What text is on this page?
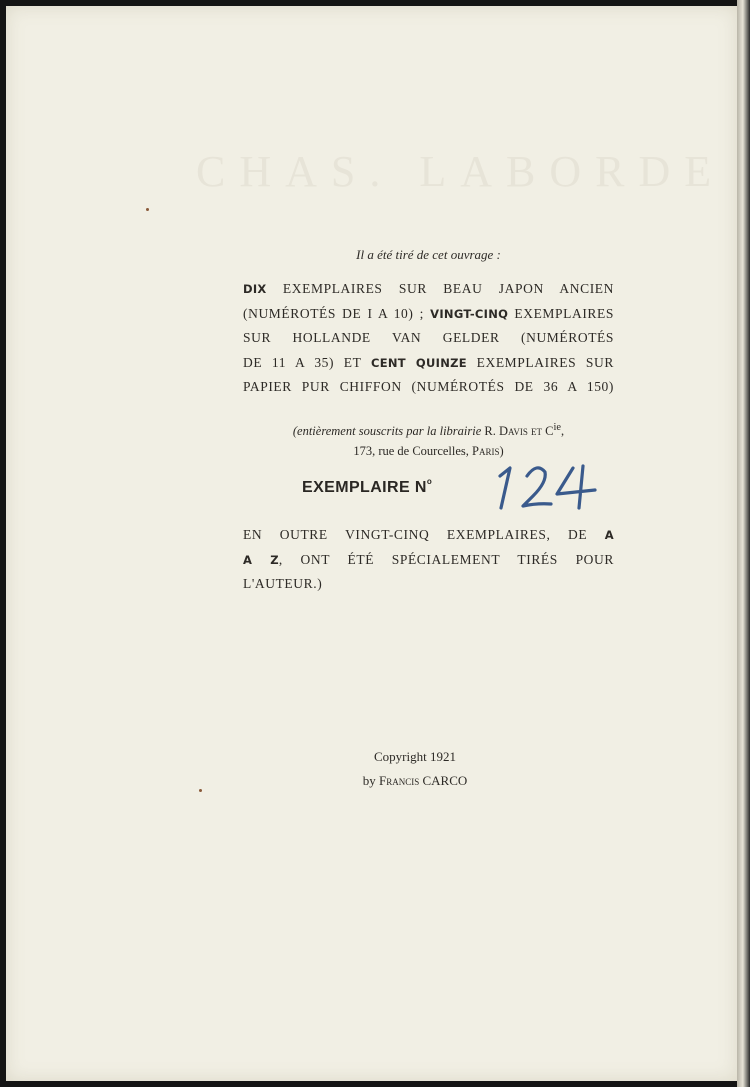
CHAS. LABORDE
Il a été tiré de cet ouvrage :
DIX EXEMPLAIRES SUR BEAU JAPON ANCIEN
(NUMÉROTÉS DE I A 10) ; VINGT-CINQ EXEMPLAIRES
SUR HOLLANDE VAN GELDER (NUMÉROTÉS
DE 11 A 35) ET CENT QUINZE EXEMPLAIRES SUR
PAPIER PUR CHIFFON (NUMÉROTÉS DE 36 A 150)
(entièrement souscrits par la librairie R. Davis et $C^{ie}$,
173, rue de Courcelles, Paris)
EXEMPLAIRE $N^o$
EN OUTRE VINGT-CINQ EXEMPLAIRES, DE A
A Z, ONT ÉTÉ SPÉCIALEMENT TIRÉS POUR
L'AUTEUR.)
Copyright 1921
by Francis CARCO
